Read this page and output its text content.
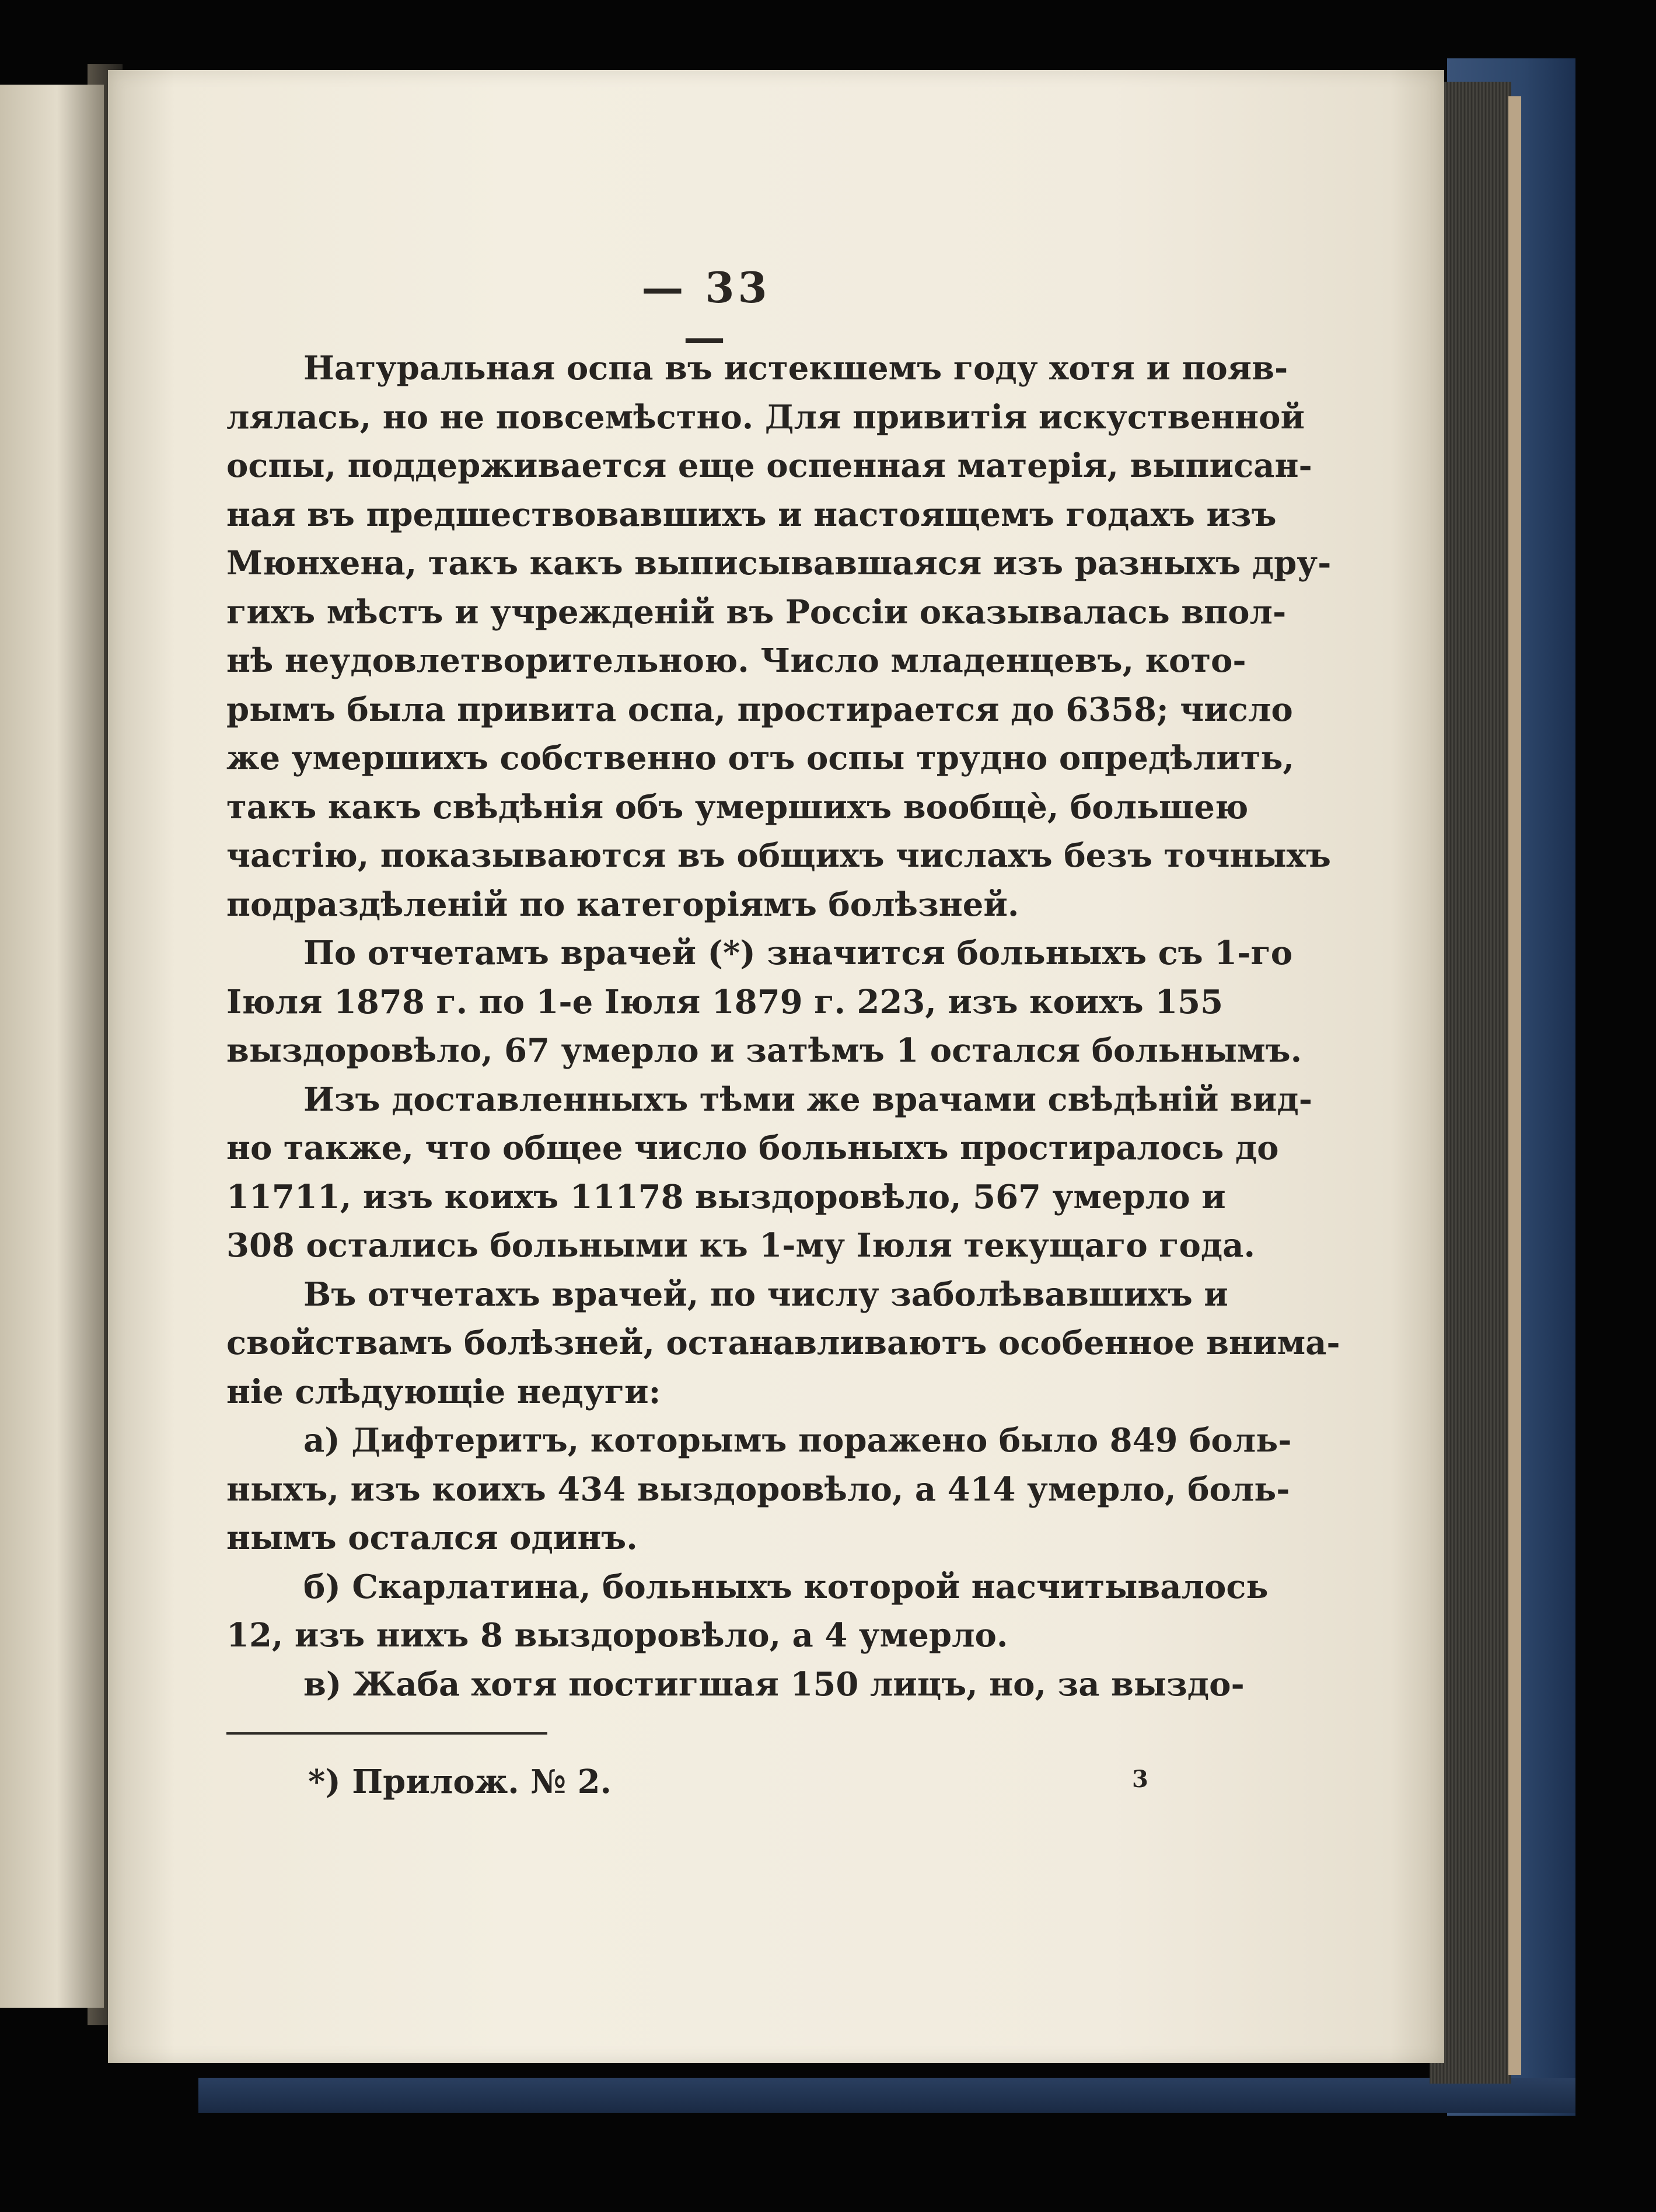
— 33 —
Натуральная оспа въ истекшемъ году хотя и появ-
лялась, но не повсемѣстно. Для привитія искуственной
оспы, поддерживается еще оспенная матерія, выписан-
ная въ предшествовавшихъ и настоящемъ годахъ изъ
Мюнхена, такъ какъ выписывавшаяся изъ разныхъ дру-
гихъ мѣстъ и учрежденій въ Россіи оказывалась впол-
нѣ неудовлетворительною. Число младенцевъ, кото-
рымъ была привита оспа, простирается до 6358; число
же умершихъ собственно отъ оспы трудно опредѣлить,
такъ какъ свѣдѣнія объ умершихъ вообщѐ, большею
частію, показываются въ общихъ числахъ безъ точныхъ
подраздѣленій по категоріямъ болѣзней.
По отчетамъ врачей (*) значится больныхъ съ 1-го
Іюля 1878 г. по 1-е Іюля 1879 г. 223, изъ коихъ 155
выздоровѣло, 67 умерло и затѣмъ 1 остался больнымъ.
Изъ доставленныхъ тѣми же врачами свѣдѣній вид-
но также, что общее число больныхъ простиралось до
11711, изъ коихъ 11178 выздоровѣло, 567 умерло и
308 остались больными къ 1-му Іюля текущаго года.
Въ отчетахъ врачей, по числу заболѣвавшихъ и
свойствамъ болѣзней, останавливаютъ особенное внима-
ніе слѣдующіе недуги:
а) Дифтеритъ, которымъ поражено было 849 боль-
ныхъ, изъ коихъ 434 выздоровѣло, а 414 умерло, боль-
нымъ остался одинъ.
б) Скарлатина, больныхъ которой насчитывалось
12, изъ нихъ 8 выздоровѣло, а 4 умерло.
в) Жаба хотя постигшая 150 лицъ, но, за выздо-
*) Прилож. № 2.	3
